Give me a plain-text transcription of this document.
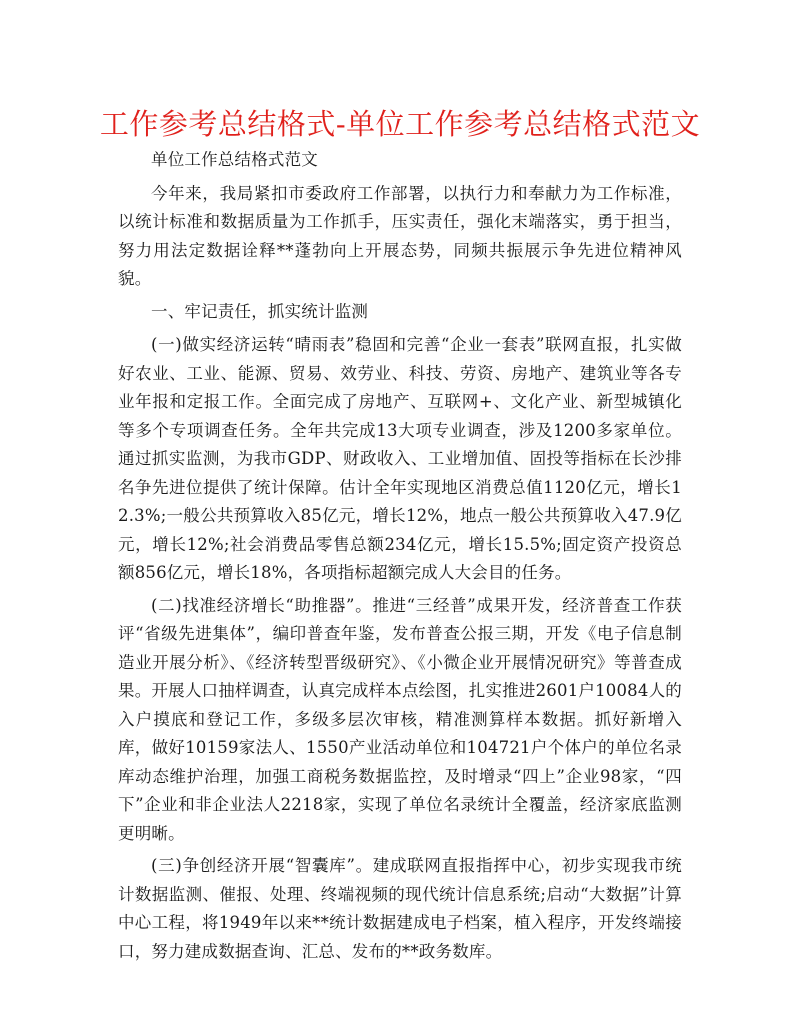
工作参考总结格式-单位工作参考总结格式范文

单位工作总结格式范文

今年来，我局紧扣市委政府工作部署，以执行力和奉献力为工作标准，以统计标准和数据质量为工作抓手，压实责任，强化末端落实，勇于担当，努力用法定数据诠释**蓬勃向上开展态势，同频共振展示争先进位精神风貌。

一、牢记责任，抓实统计监测

(一)做实经济运转“晴雨表”稳固和完善“企业一套表”联网直报，扎实做好农业、工业、能源、贸易、效劳业、科技、劳资、房地产、建筑业等各专业年报和定报工作。全面完成了房地产、互联网+、文化产业、新型城镇化等多个专项调查任务。全年共完成13大项专业调查，涉及1200多家单位。通过抓实监测，为我市GDP、财政收入、工业增加值、固投等指标在长沙排名争先进位提供了统计保障。估计全年实现地区消费总值1120亿元，增长12.3%;一般公共预算收入85亿元，增长12%，地点一般公共预算收入47.9亿元，增长12%;社会消费品零售总额234亿元，增长15.5%;固定资产投资总额856亿元，增长18%，各项指标超额完成人大会目的任务。

(二)找准经济增长“助推器”。推进“三经普”成果开发，经济普查工作获评“省级先进集体”，编印普查年鉴，发布普查公报三期，开发《电子信息制造业开展分析》、《经济转型晋级研究》、《小微企业开展情况研究》等普查成果。开展人口抽样调查，认真完成样本点绘图，扎实推进2601户10084人的入户摸底和登记工作，多级多层次审核，精准测算样本数据。抓好新增入库，做好10159家法人、1550产业活动单位和104721户个体户的单位名录库动态维护治理，加强工商税务数据监控，及时增录“四上”企业98家，“四下”企业和非企业法人2218家，实现了单位名录统计全覆盖，经济家底监测更明晰。

(三)争创经济开展“智囊库”。建成联网直报指挥中心，初步实现我市统计数据监测、催报、处理、终端视频的现代统计信息系统;启动“大数据”计算中心工程，将1949年以来**统计数据建成电子档案，植入程序，开发终端接口，努力建成数据查询、汇总、发布的**政务数库。
